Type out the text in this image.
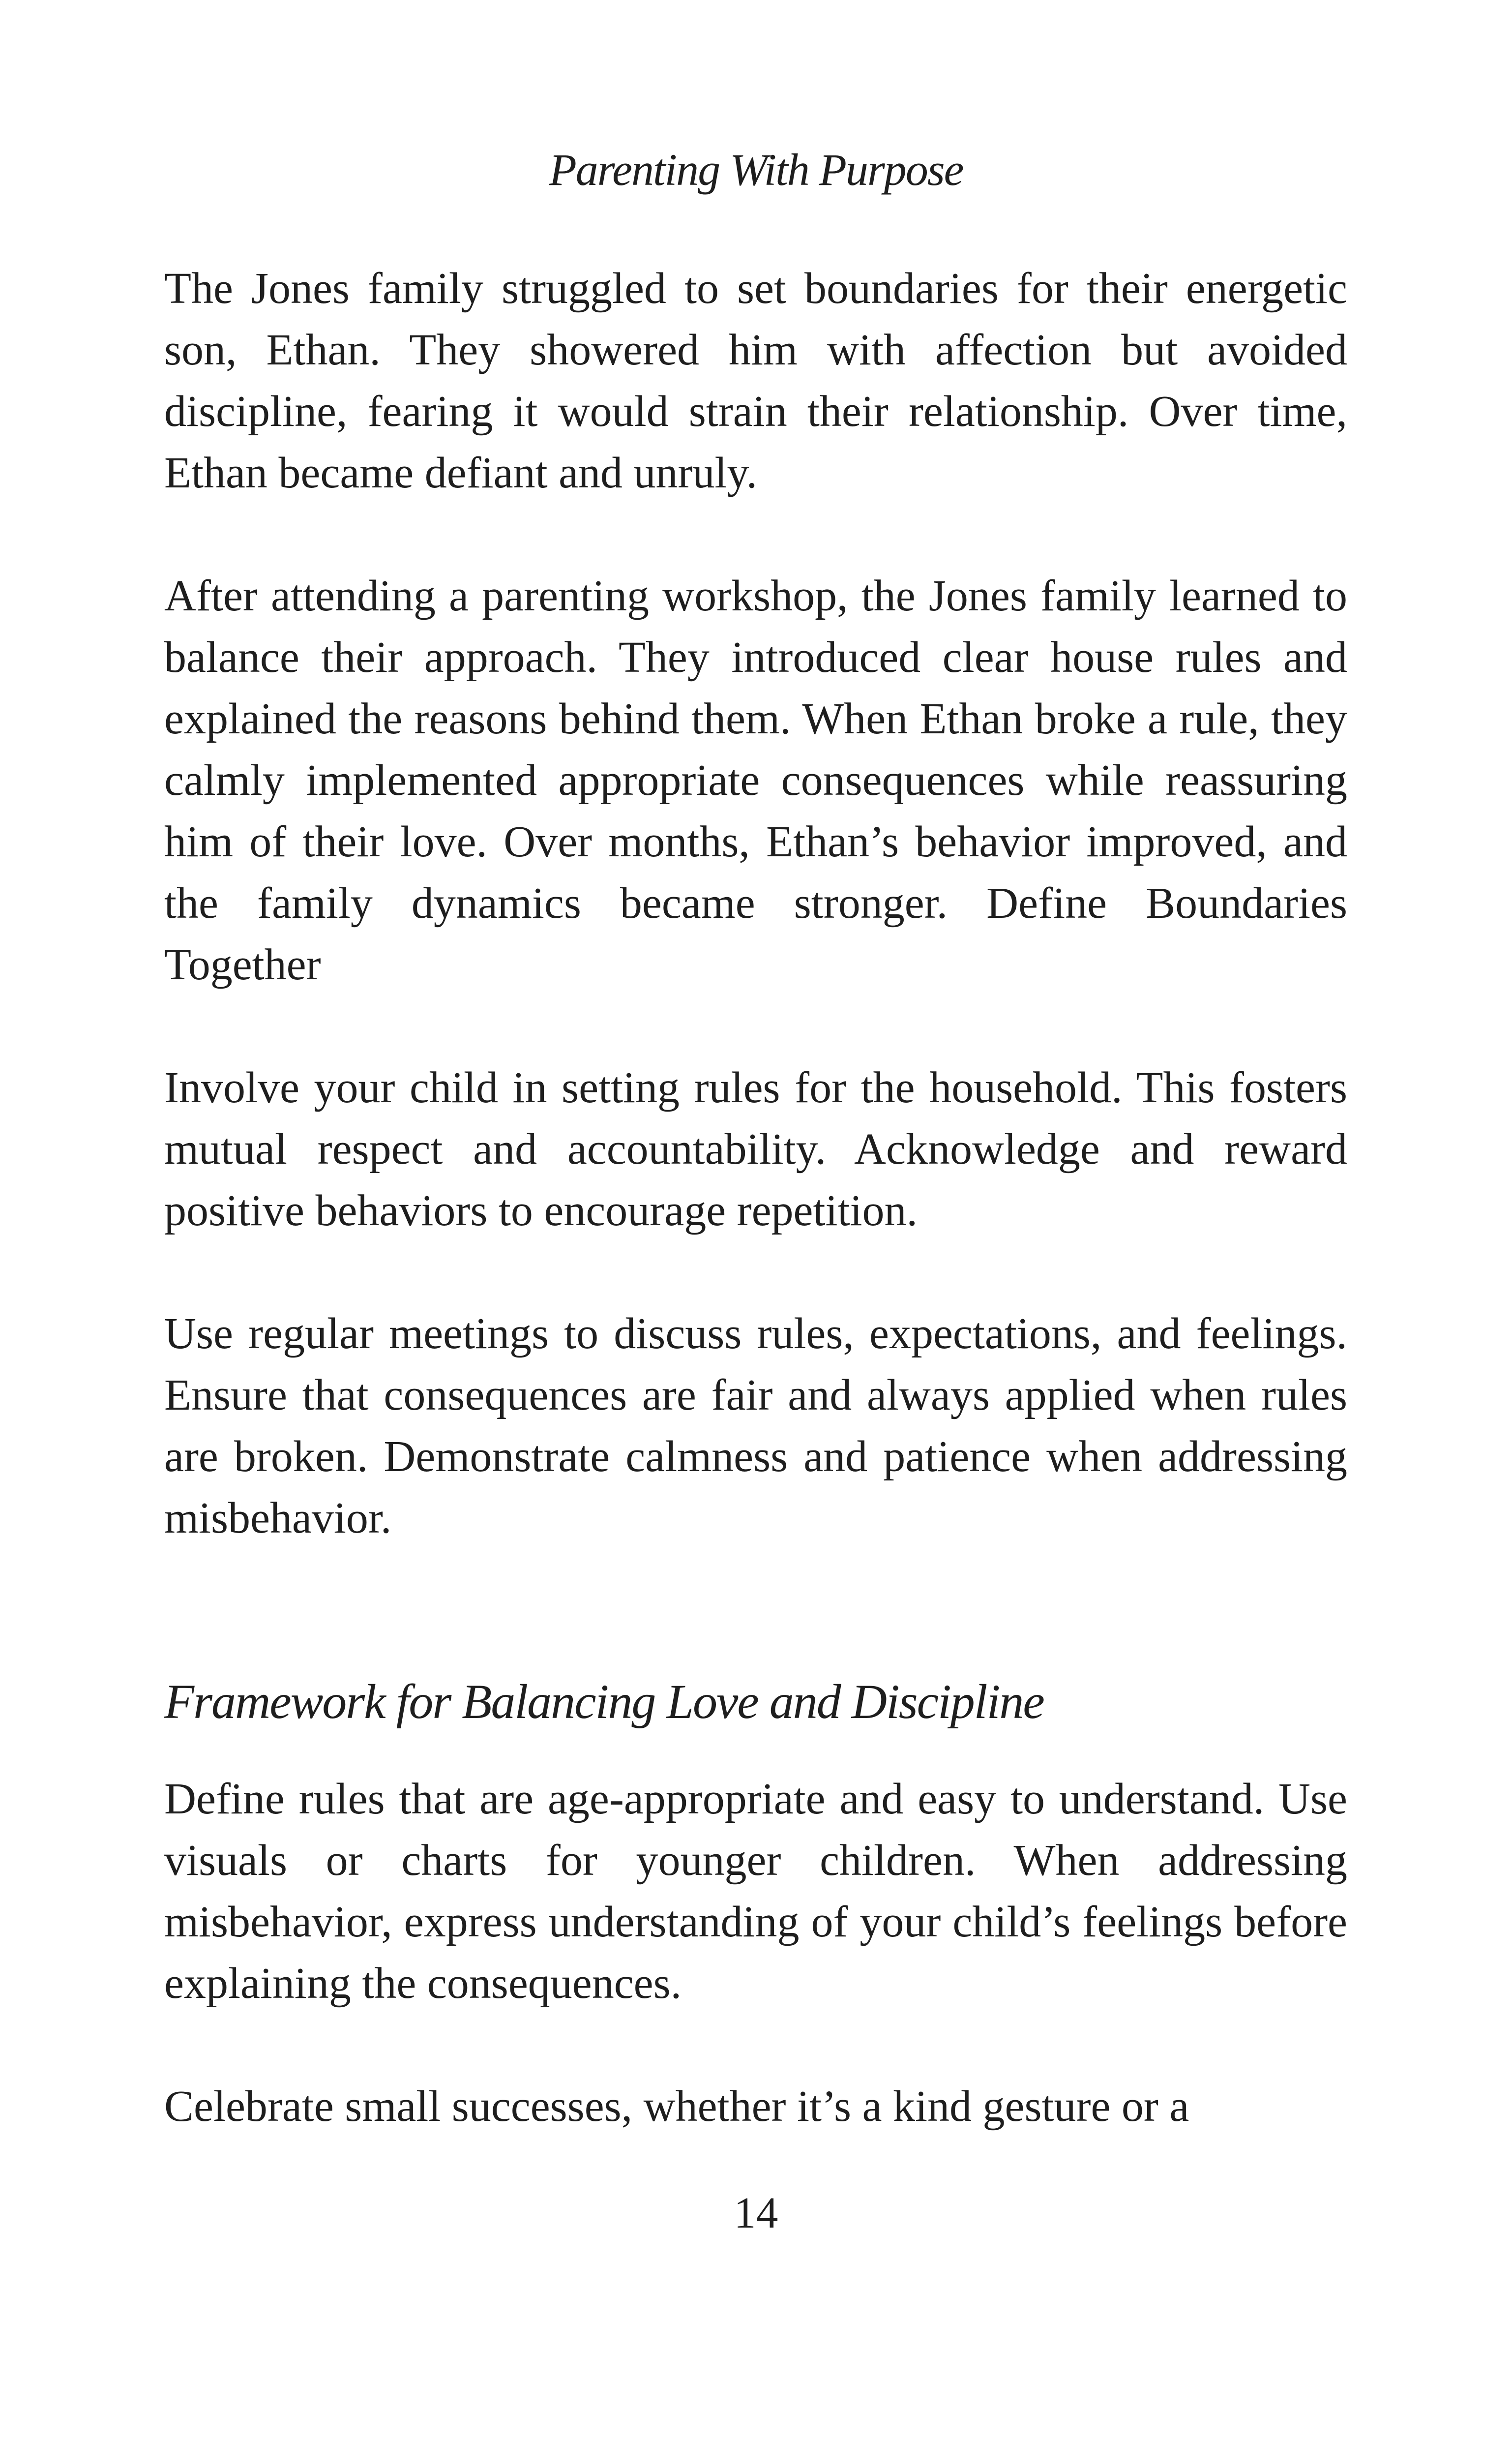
Parenting With Purpose

The Jones family struggled to set boundaries for their energetic son, Ethan. They showered him with affection but avoided discipline, fearing it would strain their relationship. Over time, Ethan became defiant and unruly.

After attending a parenting workshop, the Jones family learned to balance their approach. They introduced clear house rules and explained the reasons behind them. When Ethan broke a rule, they calmly implemented appropriate consequences while reassuring him of their love. Over months, Ethan’s behavior improved, and the family dynamics became stronger. Define Boundaries Together

Involve your child in setting rules for the household. This fosters mutual respect and accountability. Acknowledge and reward positive behaviors to encourage repetition.

Use regular meetings to discuss rules, expectations, and feelings. Ensure that consequences are fair and always applied when rules are broken. Demonstrate calmness and patience when addressing misbehavior.

Framework for Balancing Love and Discipline

Define rules that are age-appropriate and easy to understand. Use visuals or charts for younger children. When addressing misbehavior, express understanding of your child’s feelings before explaining the consequences.

Celebrate small successes, whether it’s a kind gesture or a

14
